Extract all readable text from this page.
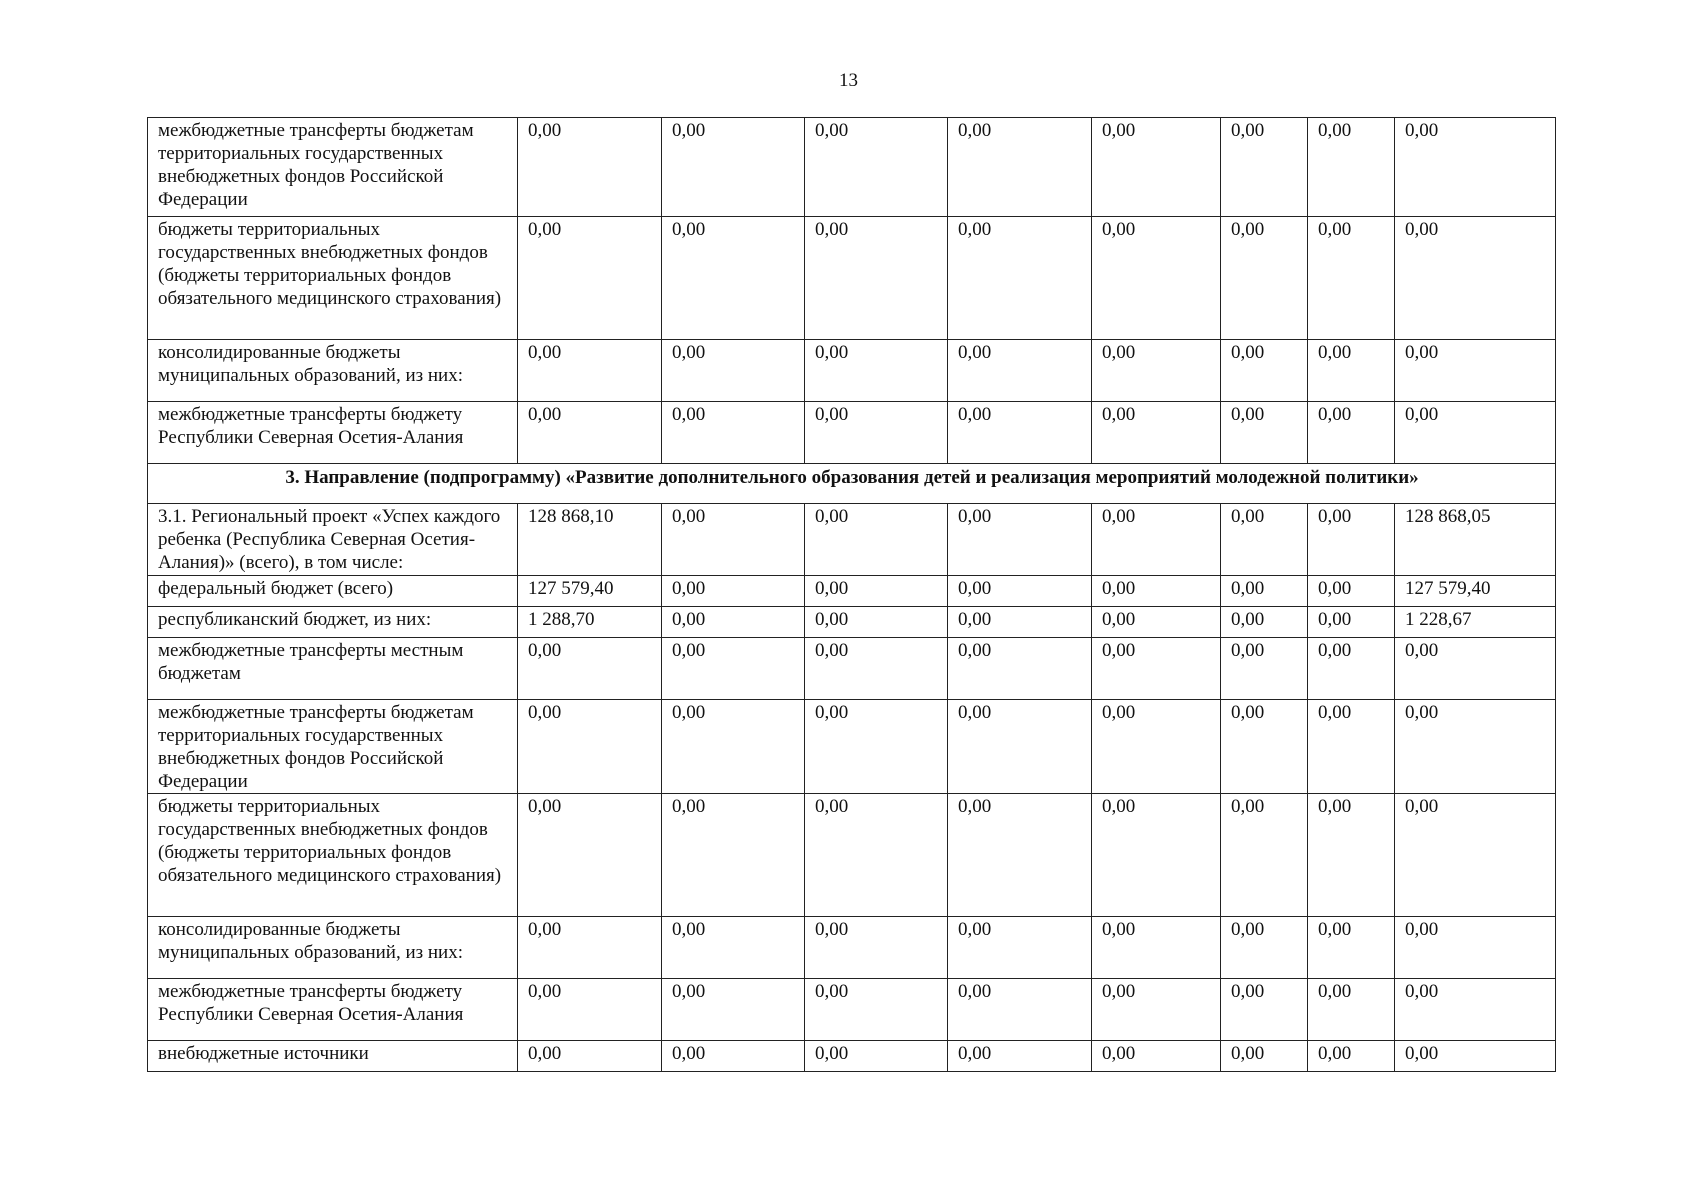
13
межбюджетные трансферты бюджетам территориальных государственных внебюджетных фондов Российской Федерации	0,00	0,00	0,00	0,00	0,00	0,00	0,00	0,00
бюджеты территориальных государственных внебюджетных фондов (бюджеты территориальных фондов обязательного медицинского страхования)	0,00	0,00	0,00	0,00	0,00	0,00	0,00	0,00
консолидированные бюджеты муниципальных образований, из них:	0,00	0,00	0,00	0,00	0,00	0,00	0,00	0,00
межбюджетные трансферты бюджету Республики Северная Осетия-Алания	0,00	0,00	0,00	0,00	0,00	0,00	0,00	0,00
3. Направление (подпрограмму) «Развитие дополнительного образования детей и реализация мероприятий молодежной политики»								
3.1. Региональный проект «Успех каждого ребенка (Республика Северная Осетия-Алания)» (всего), в том числе:	128 868,10	0,00	0,00	0,00	0,00	0,00	0,00	128 868,05
федеральный бюджет (всего)	127 579,40	0,00	0,00	0,00	0,00	0,00	0,00	127 579,40
республиканский бюджет, из них:	1 288,70	0,00	0,00	0,00	0,00	0,00	0,00	1 228,67
межбюджетные трансферты местным бюджетам	0,00	0,00	0,00	0,00	0,00	0,00	0,00	0,00
межбюджетные трансферты бюджетам территориальных государственных внебюджетных фондов Российской Федерации	0,00	0,00	0,00	0,00	0,00	0,00	0,00	0,00
бюджеты территориальных государственных внебюджетных фондов (бюджеты территориальных фондов обязательного медицинского страхования)	0,00	0,00	0,00	0,00	0,00	0,00	0,00	0,00
консолидированные бюджеты муниципальных образований, из них:	0,00	0,00	0,00	0,00	0,00	0,00	0,00	0,00
межбюджетные трансферты бюджету Республики Северная Осетия-Алания	0,00	0,00	0,00	0,00	0,00	0,00	0,00	0,00
внебюджетные источники	0,00	0,00	0,00	0,00	0,00	0,00	0,00	0,00
